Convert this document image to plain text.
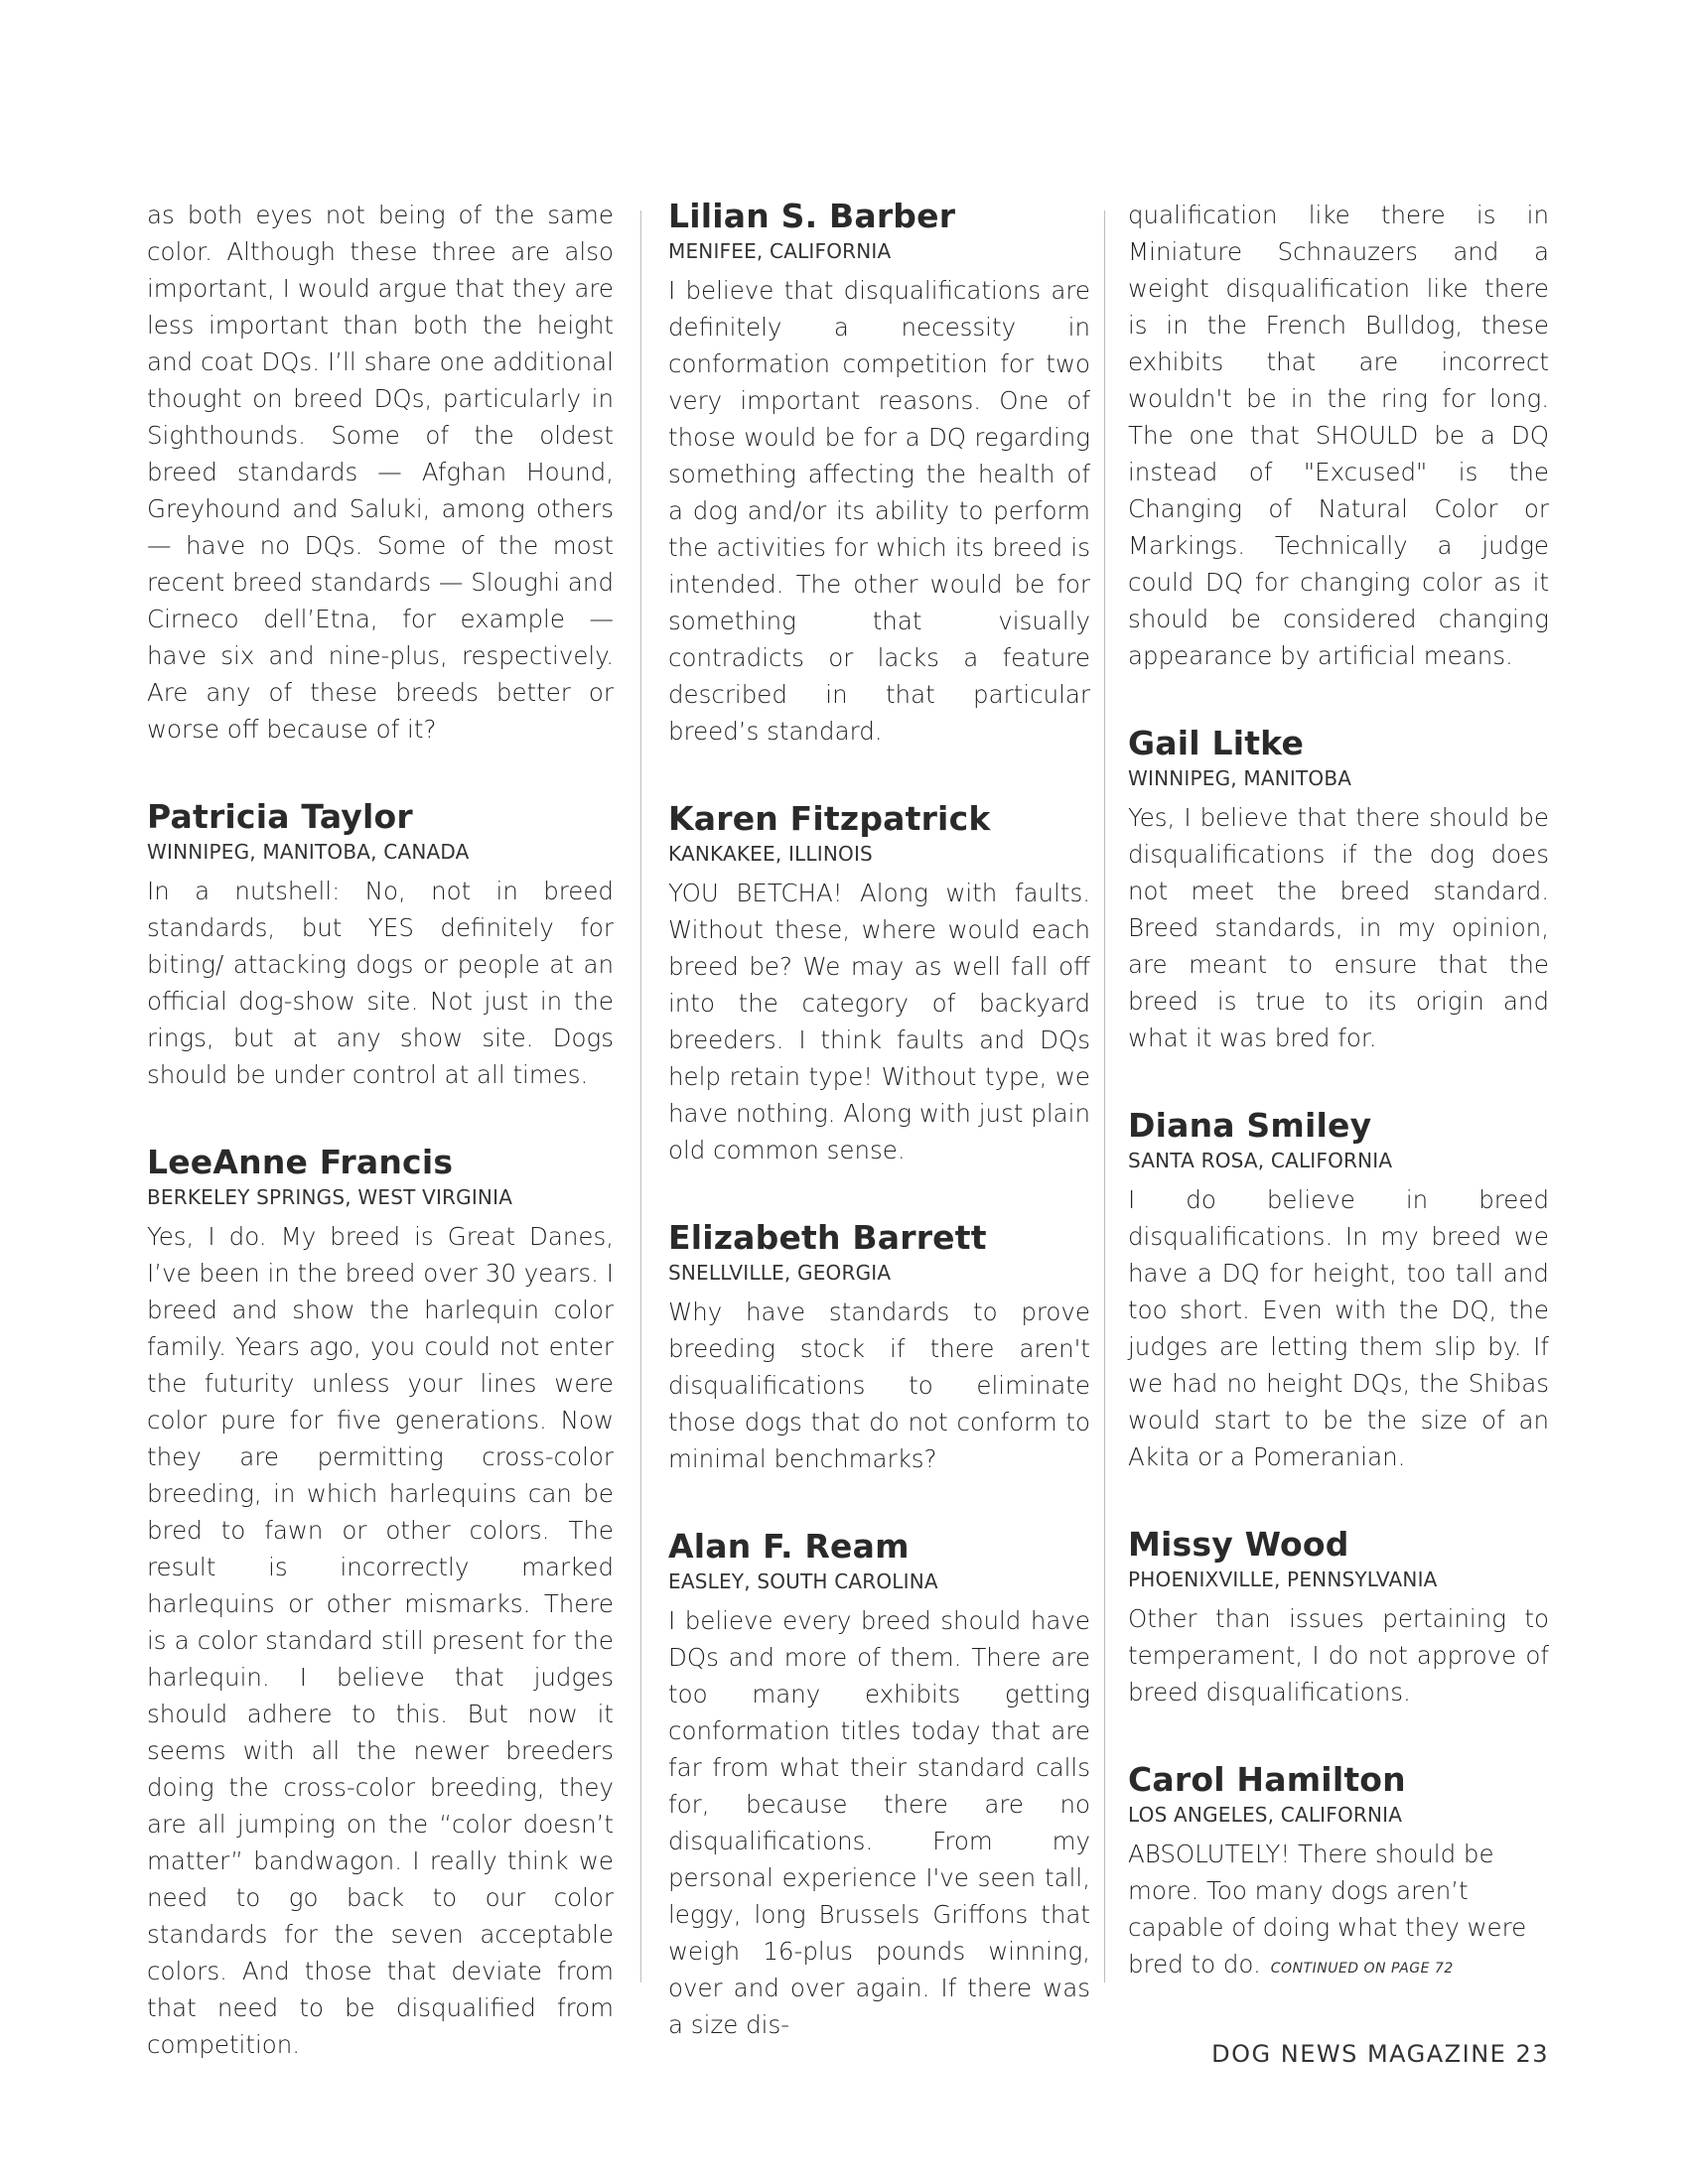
as both eyes not being of the same color. Although these three are also important, I would argue that they are less important than both the height and coat DQs. I’ll share one additional thought on breed DQs, particularly in Sighthounds. Some of the oldest breed standards — Afghan Hound, Greyhound and Saluki, among others — have no DQs. Some of the most recent breed standards — Sloughi and Cirneco dell’Etna, for example — have six and nine-plus, respectively. Are any of these breeds better or worse off because of it?

Patricia Taylor

WINNIPEG, MANITOBA, CANADA

In a nutshell: No, not in breed standards, but YES definitely for biting/ attacking dogs or people at an official dog-show site. Not just in the rings, but at any show site. Dogs should be under control at all times.

LeeAnne Francis

BERKELEY SPRINGS, WEST VIRGINIA

Yes, I do. My breed is Great Danes, I’ve been in the breed over 30 years. I breed and show the harlequin color family. Years ago, you could not enter the futurity unless your lines were color pure for five generations. Now they are permitting cross-color breeding, in which harlequins can be bred to fawn or other colors. The result is incorrectly marked harlequins or other mismarks. There is a color standard still present for the harlequin. I believe that judges should adhere to this. But now it seems with all the newer breeders doing the cross-color breeding, they are all jumping on the “color doesn’t matter” bandwagon. I really think we need to go back to our color standards for the seven acceptable colors. And those that deviate from that need to be disqualified from competition.

Lilian S. Barber

MENIFEE, CALIFORNIA

I believe that disqualifications are definitely a necessity in conformation competition for two very important reasons. One of those would be for a DQ regarding something affecting the health of a dog and/or its ability to perform the activities for which its breed is intended. The other would be for something that visually contradicts or lacks a feature described in that particular breed’s standard.

Karen Fitzpatrick

KANKAKEE, ILLINOIS

YOU BETCHA! Along with faults. Without these, where would each breed be? We may as well fall off into the category of backyard breeders. I think faults and DQs help retain type! Without type, we have nothing. Along with just plain old common sense.

Elizabeth Barrett

SNELLVILLE, GEORGIA

Why have standards to prove breeding stock if there aren't disqualifications to eliminate those dogs that do not conform to minimal benchmarks?

Alan F. Ream

EASLEY, SOUTH CAROLINA

I believe every breed should have DQs and more of them. There are too many exhibits getting conformation titles today that are far from what their standard calls for, because there are no disqualifications. From my personal experience I've seen tall, leggy, long Brussels Griffons that weigh 16-plus pounds winning, over and over again. If there was a size dis-

qualification like there is in Miniature Schnauzers and a weight disqualification like there is in the French Bulldog, these exhibits that are incorrect wouldn't be in the ring for long. The one that SHOULD be a DQ instead of "Excused" is the Changing of Natural Color or Markings. Technically a judge could DQ for changing color as it should be considered changing appearance by artificial means.

Gail Litke

WINNIPEG, MANITOBA

Yes, I believe that there should be disqualifications if the dog does not meet the breed standard. Breed standards, in my opinion, are meant to ensure that the breed is true to its origin and what it was bred for.

Diana Smiley

SANTA ROSA, CALIFORNIA

I do believe in breed disqualifications. In my breed we have a DQ for height, too tall and too short. Even with the DQ, the judges are letting them slip by. If we had no height DQs, the Shibas would start to be the size of an Akita or a Pomeranian.

Missy Wood

PHOENIXVILLE, PENNSYLVANIA

Other than issues pertaining to temperament, I do not approve of breed disqualifications.

Carol Hamilton

LOS ANGELES, CALIFORNIA

ABSOLUTELY! There should be more. Too many dogs aren’t capable of doing what they were bred to do. CONTINUED ON PAGE 72

DOG NEWS MAGAZINE 23
